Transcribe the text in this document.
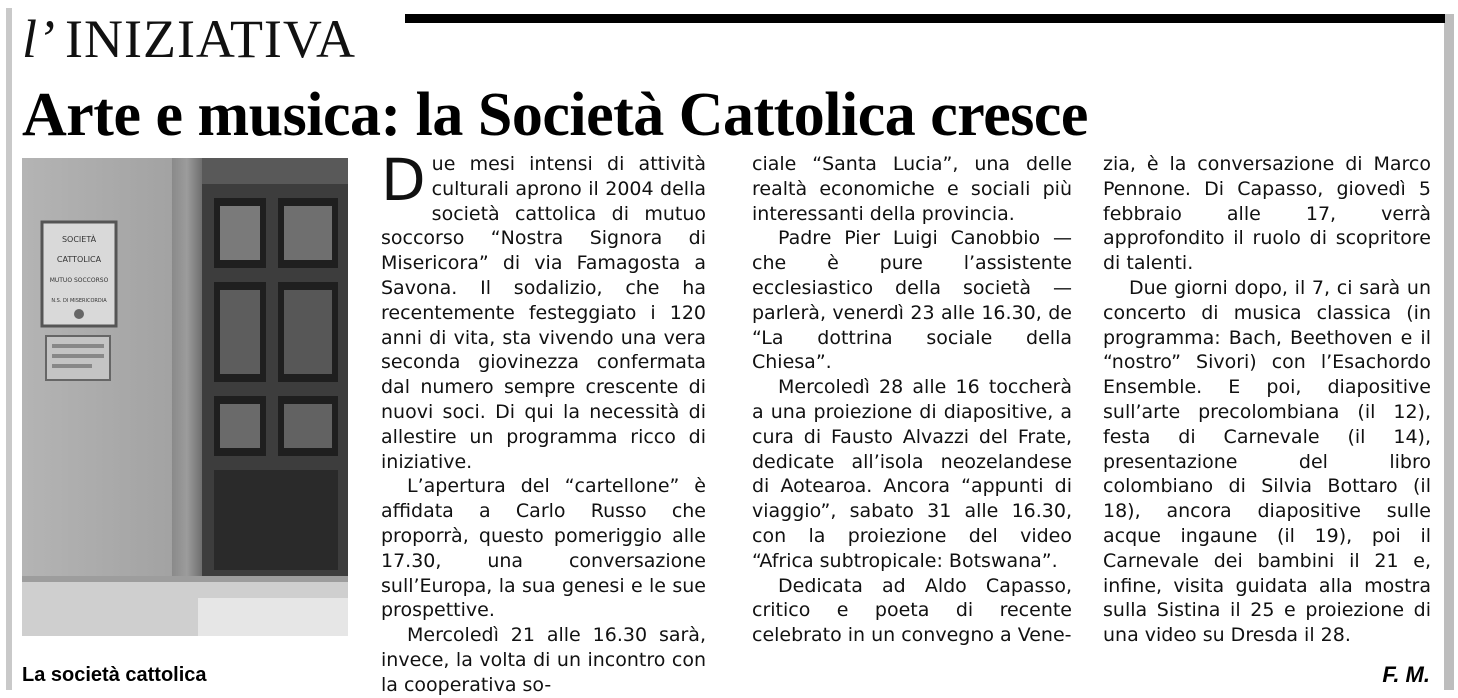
l’ INIZIATIVA
Arte e musica: la Società Cattolica cresce
SOCIETÀ
CATTOLICA
MUTUO SOCCORSO
N.S. DI MISERICORDIA
La società cattolica

Due mesi intensi di attività culturali aprono il 2004 della società cattolica di mutuo soccorso “Nostra Signora di Misericora” di via Famagosta a Savona. Il sodalizio, che ha recentemente festeggiato i 120 anni di vita, sta vivendo una vera seconda giovinezza confermata dal numero sempre crescente di nuovi soci. Di qui la necessità di allestire un programma ricco di iniziative.

L’apertura del “cartellone” è affidata a Carlo Russo che proporrà, questo pomeriggio alle 17.30, una conversazione sull’Europa, la sua genesi e le sue prospettive.

Mercoledì 21 alle 16.30 sarà, invece, la volta di un incontro con la cooperativa so-

ciale “Santa Lucia”, una delle realtà economiche e sociali più interessanti della provincia.

Padre Pier Luigi Canobbio — che è pure l’assistente ecclesiastico della società — parlerà, venerdì 23 alle 16.30, de “La dottrina sociale della Chiesa”.

Mercoledì 28 alle 16 toccherà a una proiezione di diapositive, a cura di Fausto Alvazzi del Frate, dedicate all’isola neozelandese di Aotearoa. Ancora “appunti di viaggio”, sabato 31 alle 16.30, con la proiezione del video “Africa subtropicale: Botswana”.

Dedicata ad Aldo Capasso, critico e poeta di recente celebrato in un convegno a Vene-

zia, è la conversazione di Marco Pennone. Di Capasso, giovedì 5 febbraio alle 17, verrà approfondito il ruolo di scopritore di talenti.

Due giorni dopo, il 7, ci sarà un concerto di musica classica (in programma: Bach, Beethoven e il “nostro” Sivori) con l’Esachordo Ensemble. E poi, diapositive sull’arte precolombiana (il 12), festa di Carnevale (il 14), presentazione del libro colombiano di Silvia Bottaro (il 18), ancora diapositive sulle acque ingaune (il 19), poi il Carnevale dei bambini il 21 e, infine, visita guidata alla mostra sulla Sistina il 25 e proiezione di una video su Dresda il 28.

F. M.
